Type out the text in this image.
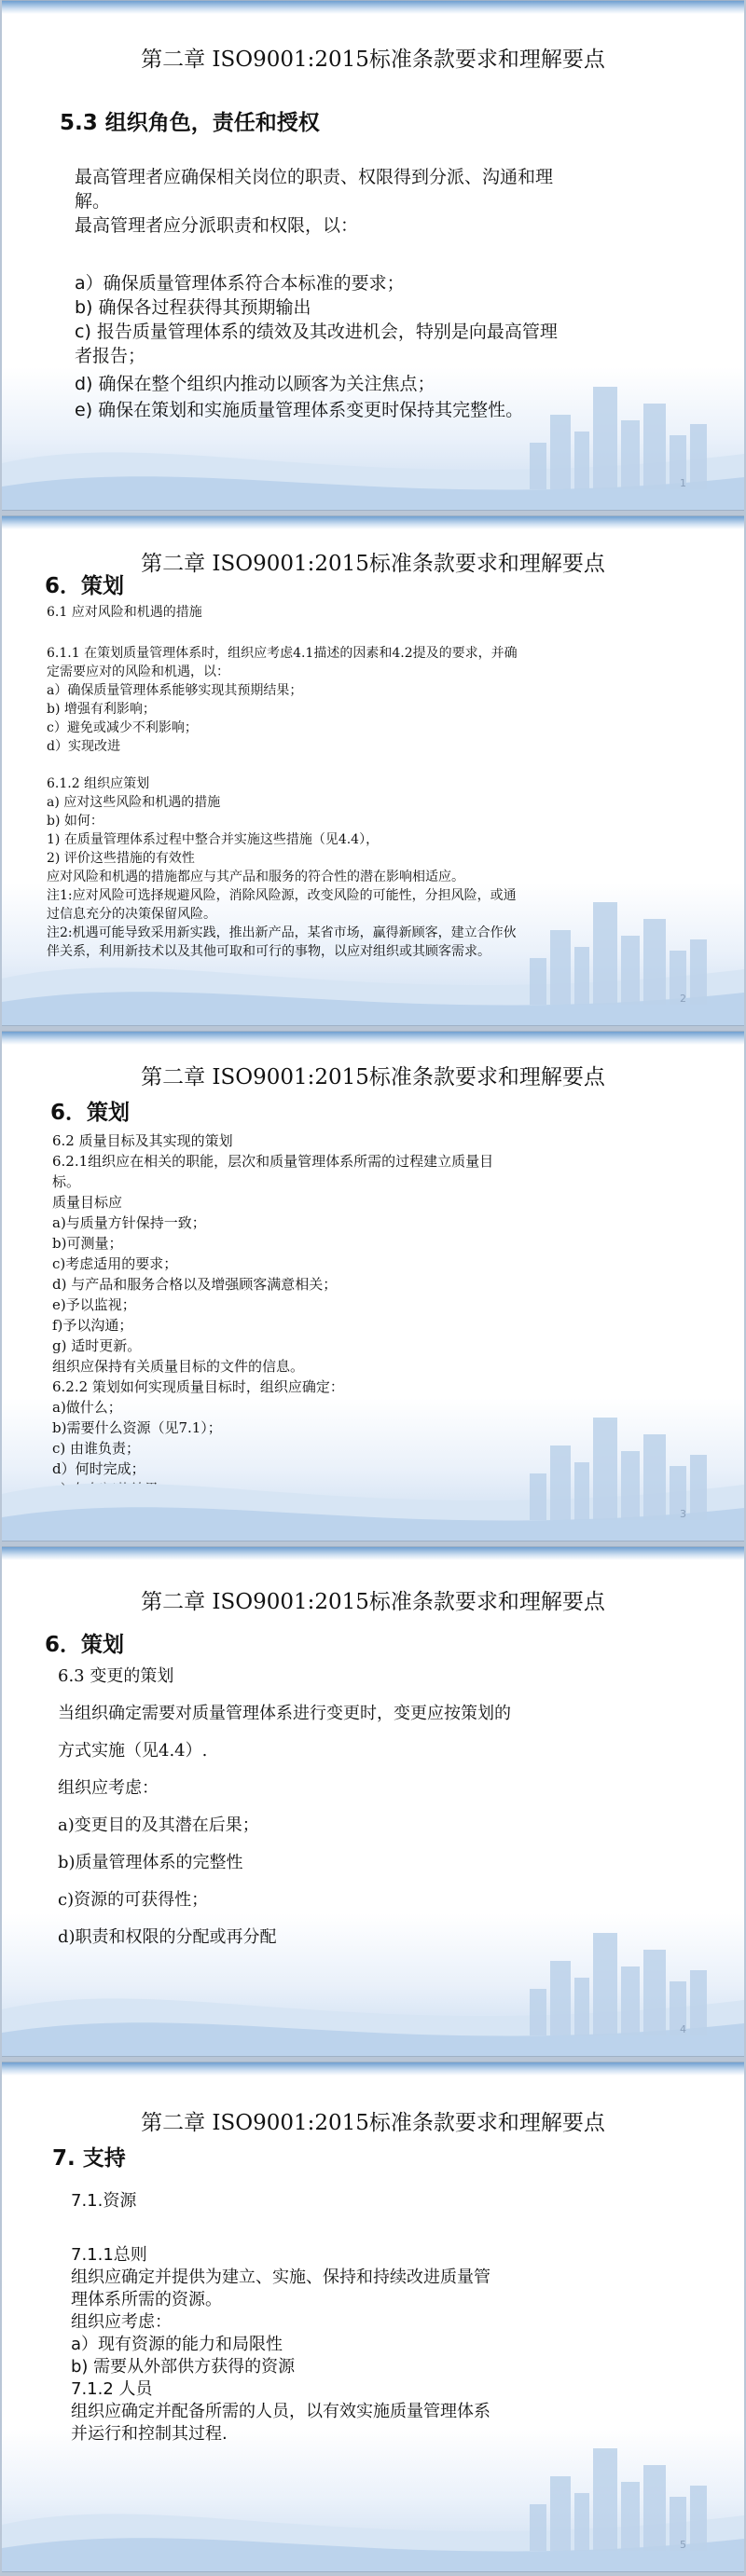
第二章 ISO9001:2015标准条款要求和理解要点
5.3 组织角色，责任和授权
最高管理者应确保相关岗位的职责、权限得到分派、沟通和理
解。
最高管理者应分派职责和权限，以：
a）确保质量管理体系符合本标准的要求；
b) 确保各过程获得其预期输出
c) 报告质量管理体系的绩效及其改进机会，特别是向最高管理
者报告；
d) 确保在整个组织内推动以顾客为关注焦点；
e) 确保在策划和实施质量管理体系变更时保持其完整性。
1
第二章 ISO9001:2015标准条款要求和理解要点
6．策划
6.1 应对风险和机遇的措施
6.1.1 在策划质量管理体系时，组织应考虑4.1描述的因素和4.2提及的要求，并确
定需要应对的风险和机遇，以：
a）确保质量管理体系能够实现其预期结果；
b) 增强有利影响；
c）避免或减少不利影响；
d）实现改进
6.1.2 组织应策划
a) 应对这些风险和机遇的措施
b) 如何：
1) 在质量管理体系过程中整合并实施这些措施（见4.4），
2) 评价这些措施的有效性
应对风险和机遇的措施都应与其产品和服务的符合性的潜在影响相适应。
注1:应对风险可选择规避风险，消除风险源，改变风险的可能性，分担风险，或通
过信息充分的决策保留风险。
注2:机遇可能导致采用新实践，推出新产品，某省市场，赢得新顾客，建立合作伙
伴关系，利用新技术以及其他可取和可行的事物，以应对组织或其顾客需求。
2
第二章 ISO9001:2015标准条款要求和理解要点
6．策划
6.2 质量目标及其实现的策划
6.2.1组织应在相关的职能，层次和质量管理体系所需的过程建立质量目
标。
质量目标应
a)与质量方针保持一致；
b)可测量；
c)考虑适用的要求；
d) 与产品和服务合格以及增强顾客满意相关；
e)予以监视；
f)予以沟通；
g) 适时更新。
组织应保持有关质量目标的文件的信息。
6.2.2 策划如何实现质量目标时，组织应确定：
a)做什么；
b)需要什么资源（见7.1）；
c) 由谁负责；
d）何时完成；
3
第二章 ISO9001:2015标准条款要求和理解要点
6．策划
6.3 变更的策划
当组织确定需要对质量管理体系进行变更时，变更应按策划的
方式实施（见4.4）.
组织应考虑：
a)变更目的及其潜在后果；
b)质量管理体系的完整性
c)资源的可获得性；
d)职责和权限的分配或再分配
4
第二章 ISO9001:2015标准条款要求和理解要点
7. 支持
7.1.资源
7.1.1总则
组织应确定并提供为建立、实施、保持和持续改进质量管
理体系所需的资源。
组织应考虑：
a）现有资源的能力和局限性
b) 需要从外部供方获得的资源
7.1.2 人员
组织应确定并配备所需的人员，以有效实施质量管理体系
并运行和控制其过程.
5
